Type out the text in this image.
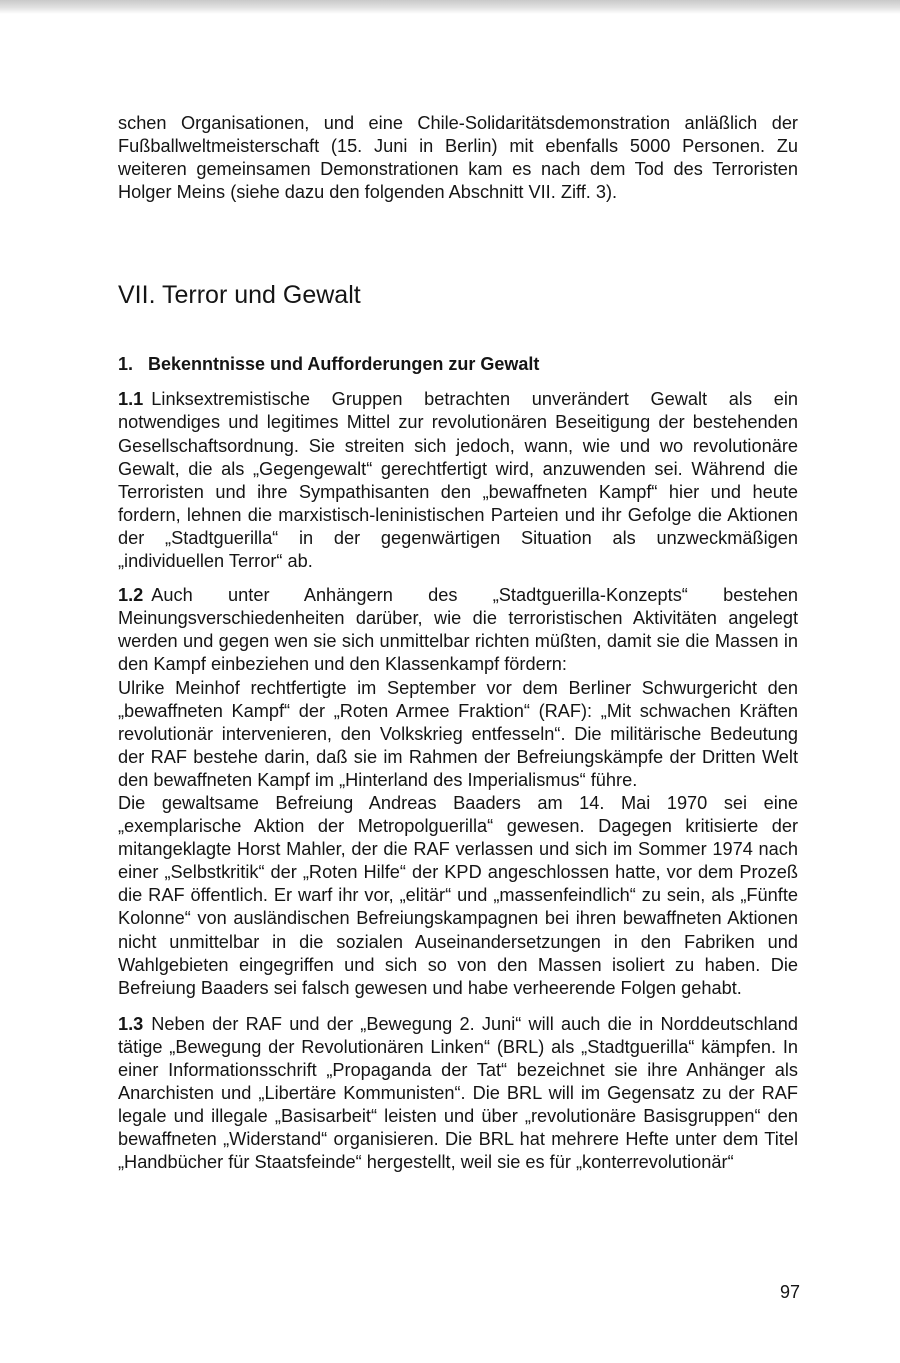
schen Organisationen, und eine Chile-Solidaritätsdemonstration anläßlich der Fußballweltmeisterschaft (15. Juni in Berlin) mit ebenfalls 5000 Personen. Zu weiteren gemeinsamen Demonstrationen kam es nach dem Tod des Terroristen Holger Meins (siehe dazu den folgenden Abschnitt VII. Ziff. 3).

VII. Terror und Gewalt
1. Bekenntnisse und Aufforderungen zur Gewalt

1.1 Linksextremistische Gruppen betrachten unverändert Gewalt als ein notwendiges und legitimes Mittel zur revolutionären Beseitigung der bestehenden Gesellschaftsordnung. Sie streiten sich jedoch, wann, wie und wo revolutionäre Gewalt, die als „Gegengewalt“ gerechtfertigt wird, anzuwenden sei. Während die Terroristen und ihre Sympathisanten den „bewaffneten Kampf“ hier und heute fordern, lehnen die marxistisch-leninistischen Parteien und ihr Gefolge die Aktionen der „Stadtguerilla“ in der gegenwärtigen Situation als unzweckmäßigen „individuellen Terror“ ab.

1.2 Auch unter Anhängern des „Stadtguerilla-Konzepts“ bestehen Meinungsverschiedenheiten darüber, wie die terroristischen Aktivitäten angelegt werden und gegen wen sie sich unmittelbar richten müßten, damit sie die Massen in den Kampf einbeziehen und den Klassenkampf fördern:

Ulrike Meinhof rechtfertigte im September vor dem Berliner Schwurgericht den „bewaffneten Kampf“ der „Roten Armee Fraktion“ (RAF): „Mit schwachen Kräften revolutionär intervenieren, den Volkskrieg entfesseln“. Die militärische Bedeutung der RAF bestehe darin, daß sie im Rahmen der Befreiungskämpfe der Dritten Welt den bewaffneten Kampf im „Hinterland des Imperialismus“ führe.

Die gewaltsame Befreiung Andreas Baaders am 14. Mai 1970 sei eine „exemplarische Aktion der Metropolguerilla“ gewesen. Dagegen kritisierte der mitangeklagte Horst Mahler, der die RAF verlassen und sich im Sommer 1974 nach einer „Selbstkritik“ der „Roten Hilfe“ der KPD angeschlossen hatte, vor dem Prozeß die RAF öffentlich. Er warf ihr vor, „elitär“ und „massenfeindlich“ zu sein, als „Fünfte Kolonne“ von ausländischen Befreiungskampagnen bei ihren bewaffneten Aktionen nicht unmittelbar in die sozialen Auseinandersetzungen in den Fabriken und Wahlgebieten eingegriffen und sich so von den Massen isoliert zu haben. Die Befreiung Baaders sei falsch gewesen und habe verheerende Folgen gehabt.

1.3 Neben der RAF und der „Bewegung 2. Juni“ will auch die in Norddeutschland tätige „Bewegung der Revolutionären Linken“ (BRL) als „Stadtguerilla“ kämpfen. In einer Informationsschrift „Propaganda der Tat“ bezeichnet sie ihre Anhänger als Anarchisten und „Libertäre Kommunisten“. Die BRL will im Gegensatz zu der RAF legale und illegale „Basisarbeit“ leisten und über „revolutionäre Basisgruppen“ den bewaffneten „Widerstand“ organisieren. Die BRL hat mehrere Hefte unter dem Titel „Handbücher für Staatsfeinde“ hergestellt, weil sie es für „konterrevolutionär“

97
